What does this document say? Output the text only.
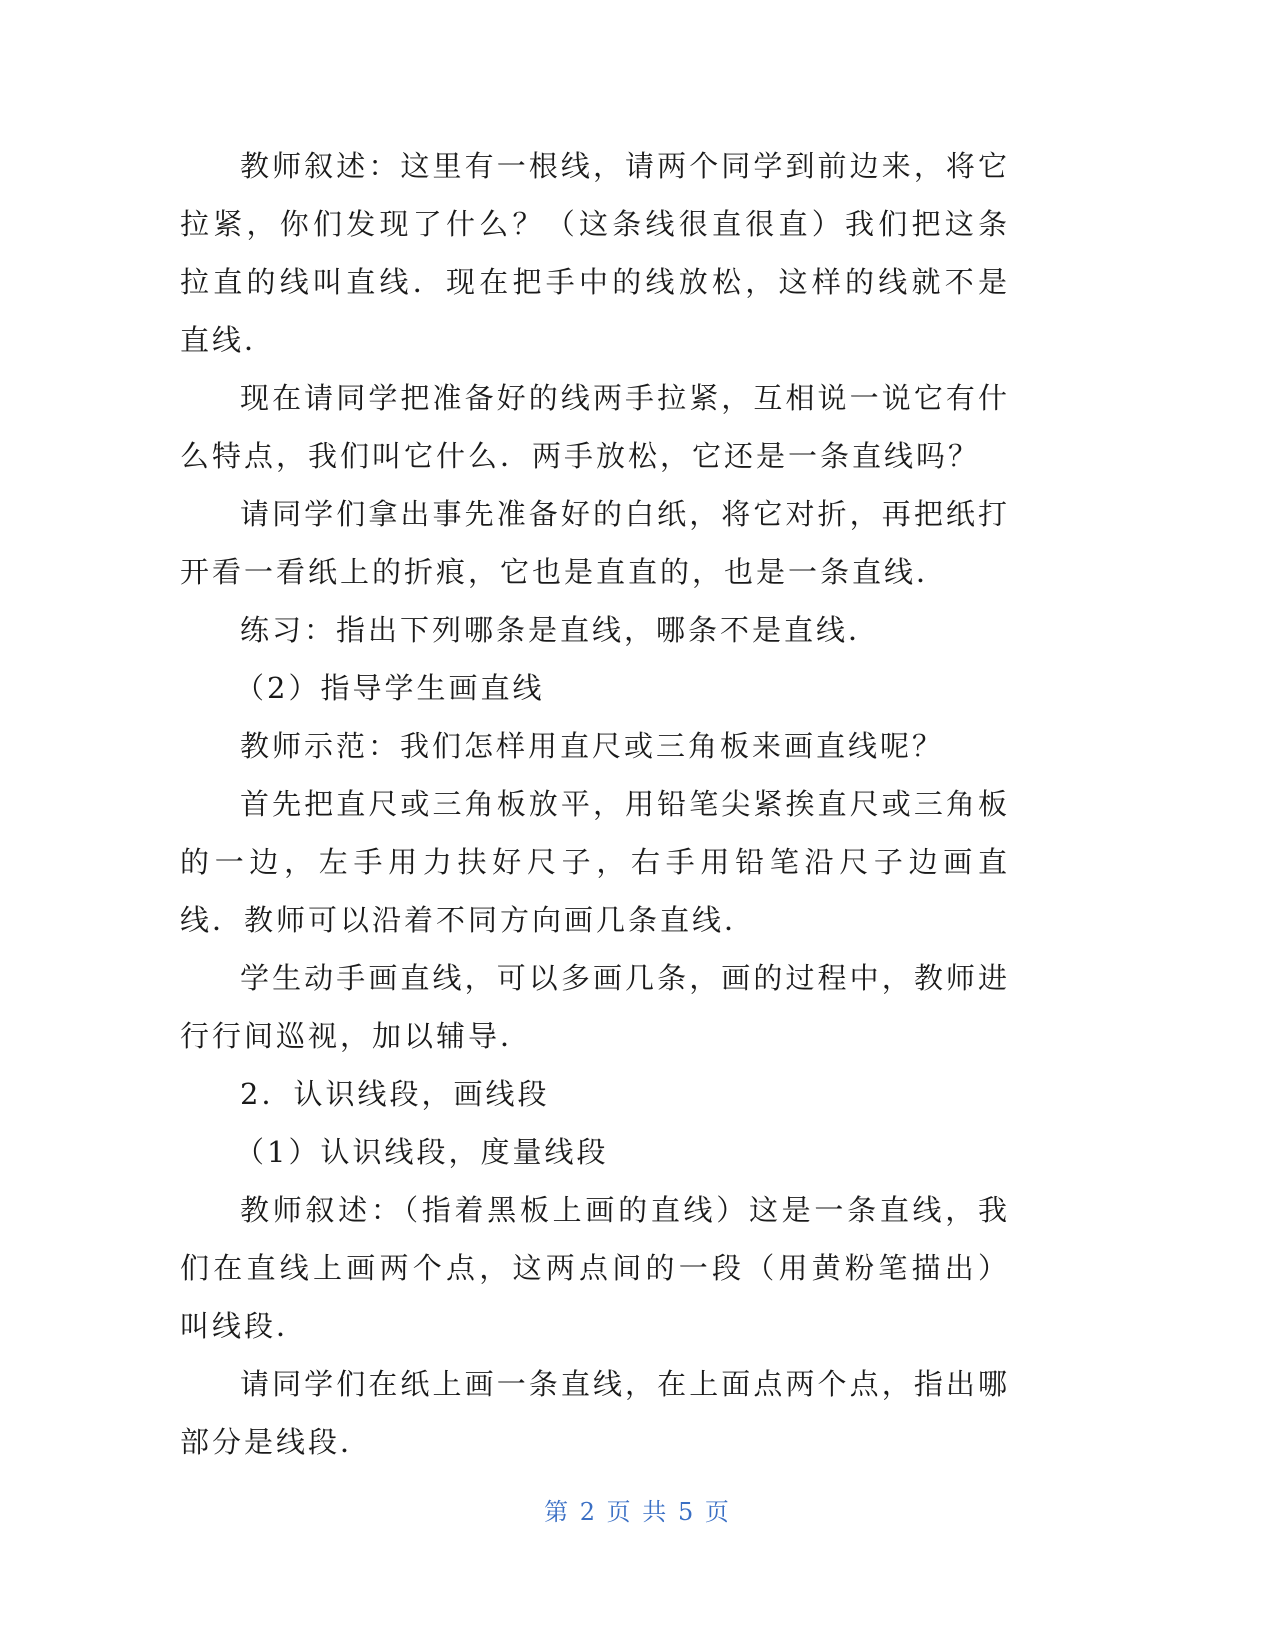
教师叙述：这里有一根线，请两个同学到前边来，将它拉紧，你们发现了什么？（这条线很直很直）我们把这条拉直的线叫直线．现在把手中的线放松，这样的线就不是直线．

现在请同学把准备好的线两手拉紧，互相说一说它有什么特点，我们叫它什么．两手放松，它还是一条直线吗？

请同学们拿出事先准备好的白纸，将它对折，再把纸打开看一看纸上的折痕，它也是直直的，也是一条直线．

练习：指出下列哪条是直线，哪条不是直线．

（2）指导学生画直线

教师示范：我们怎样用直尺或三角板来画直线呢？

首先把直尺或三角板放平，用铅笔尖紧挨直尺或三角板的一边，左手用力扶好尺子，右手用铅笔沿尺子边画直线．教师可以沿着不同方向画几条直线．

学生动手画直线，可以多画几条，画的过程中，教师进行行间巡视，加以辅导．

2．认识线段，画线段

（1）认识线段，度量线段

教师叙述：（指着黑板上画的直线）这是一条直线，我们在直线上画两个点，这两点间的一段（用黄粉笔描出）叫线段．

请同学们在纸上画一条直线，在上面点两个点，指出哪部分是线段．

第 2 页 共 5 页
